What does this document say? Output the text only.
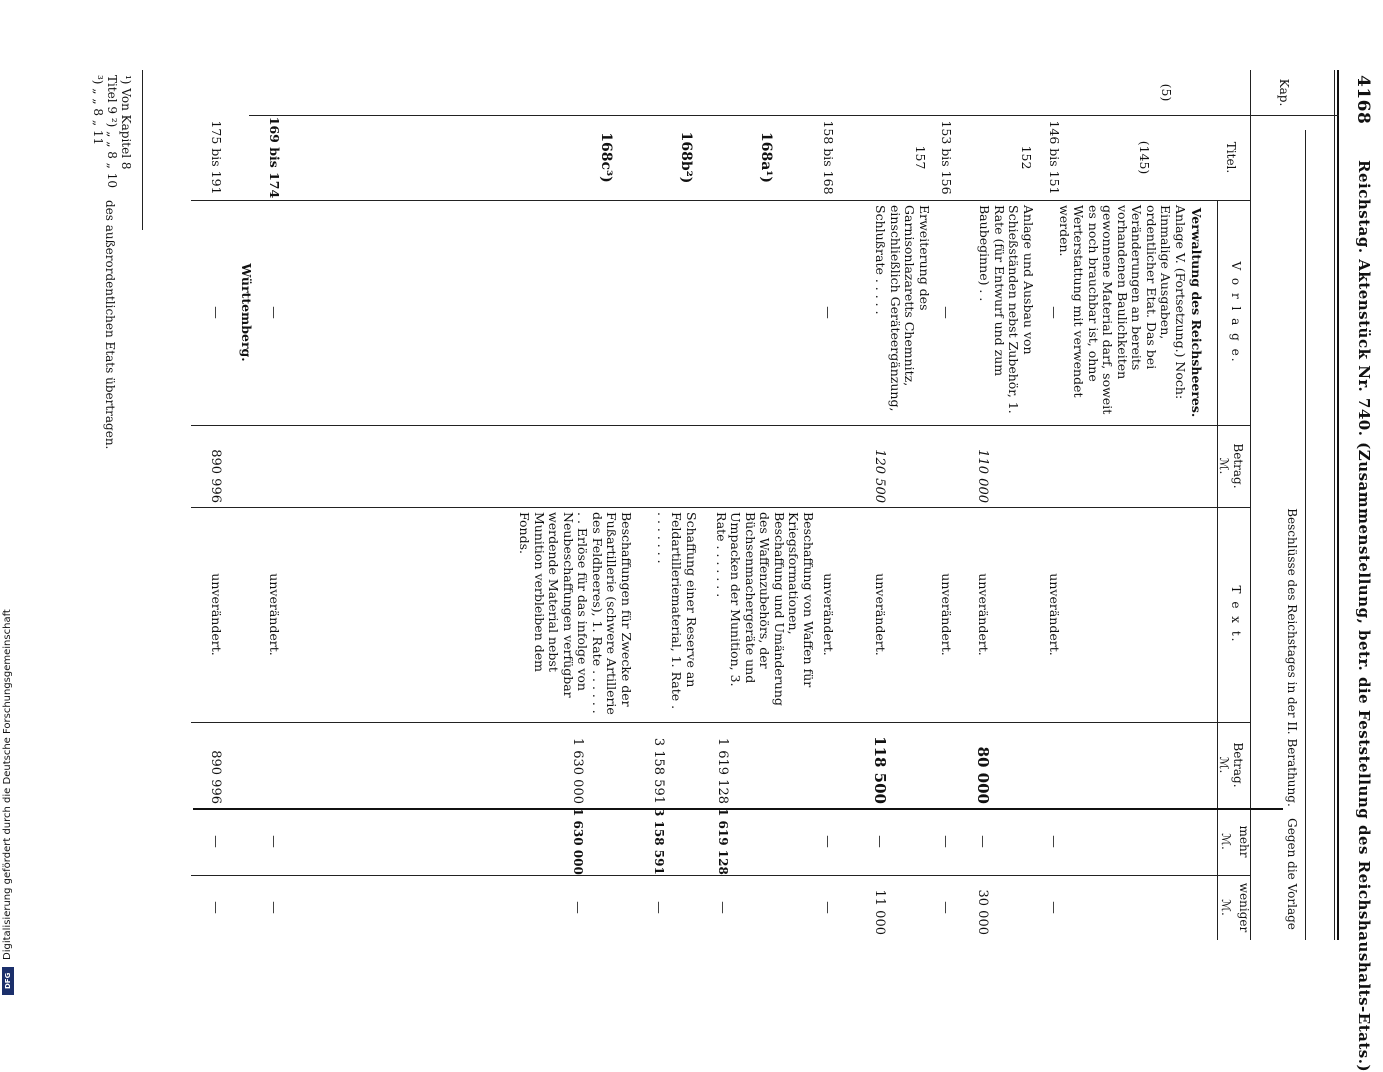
4168
Reichstag. Aktenstück Nr. 740. (Zusammenstellung, betr. die Feststellung des Reichshaushalts-Etats.)
Kap.
Titel.
V o r l a g e.
Betrag.
ℳ.
Beschlüsse des Reichstages in der II. Berathung.
T e x t.
Betrag.
ℳ.
Gegen die Vorlage
mehr
weniger
ℳ.
ℳ.
(5)
(145)
Verwaltung des Reichsheeres.
Anlage V. (Fortsetzung.) Noch: Einmalige Ausgaben, ordentlicher Etat. Das bei Veränderungen an bereits vorhandenen Baulichkeiten gewonnene Material darf, soweit es noch brauchbar ist, ohne Werterstattung mit verwendet werden.
146 bis 151
—
unverändert.
—
—
152
Anlage und Ausbau von Schießständen nebst Zubehör, 1. Rate (für Entwurf und zum Baubeginne) . .
110 000
unverändert.
80 000
—
30 000
153 bis 156
—
unverändert.
—
—
157
Erweiterung des Garnisonlazaretts Chemnitz, einschließlich Geräteergänzung, Schlußrate . . . . .
120 500
unverändert.
118 500
—
11 000
158 bis 168
—
unverändert.
—
—
168a¹)
Beschaffung von Waffen für Kriegsformationen, Beschaffung und Umänderung des Waffenzubehörs, der Büchsenmachergeräte und Umpacken der Munition, 3. Rate . . . . . . .
1 619 128
1 619 128
—
168b²)
Schaffung einer Reserve an Feldartilleriematerial, 1. Rate . . . . . . . .
3 158 591
3 158 591
—
168c³)
Beschaffungen für Zwecke der Fußartillerie (schwere Artillerie des Feldheeres), 1. Rate . . . . . . . . Erlöse für das infolge von Neubeschaffungen verfügbar werdende Material nebst Munition verbleiben dem Fonds.
1 630 000
1 630 000
—
169 bis 174
—
unverändert.
—
—
Württemberg.
175 bis 191
—
890 996
unverändert.
890 996
—
—
¹) Von Kapitel 8 Titel 9 ²) „ „ 8 „ 10 ³) „ „ 8 „ 11
des außerordentlichen Etats übertragen.
Digitalisierung gefördert durch die Deutsche Forschungsgemeinschaft
DFG
